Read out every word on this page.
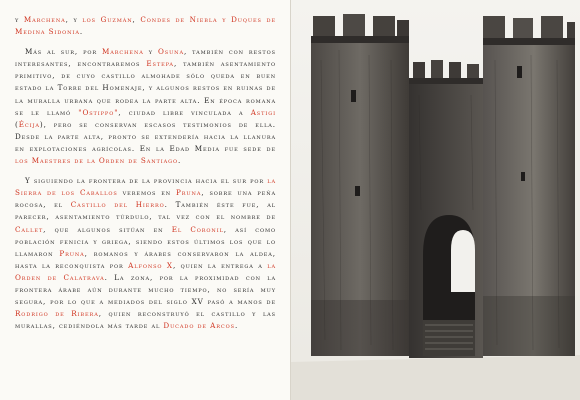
y Marchena, y los Guzmán, Condes de Niebla y Duques de Medina Sidonia.

Más al sur, por Marchena y Osuna, también con restos interesantes, encontraremos Estepa, también asentamiento primitivo, de cuyo castillo almohade sólo queda en buen estado la Torre del Homenaje, y algunos restos en ruinas de la muralla urbana que rodea la parte alta. En época romana se le llamó "Ostippo", ciudad libre vinculada a Astigi (Écija), pero se conservan escasos testimonios de ella. Desde la parte alta, pronto se extendería hacia la llanura en explotaciones agrícolas. En la Edad Media fue sede de los Maestres de la Orden de Santiago.

Y siguiendo la frontera de la provincia hacia el sur por la Sierra de los Caballos veremos en Pruna, sobre una peña rocosa, el Castillo del Hierro. También éste fue, al parecer, asentamiento túrdulo, tal vez con el nombre de Callet, que algunos sitúan en El Coronil, así como población fenicia y griega, siendo estos últimos los que lo llamaron Pruna, romanos y árabes conservaron la aldea, hasta la reconquista por Alfonso X, quien la entrega a la Orden de Calatrava. La zona, por la proximidad con la frontera árabe aún durante mucho tiempo, no sería muy segura, por lo que a mediados del siglo XV pasó a manos de Rodrigo de Ribera, quien reconstruyó el castillo y las murallas, cediéndola más tarde al Ducado de Arcos.
